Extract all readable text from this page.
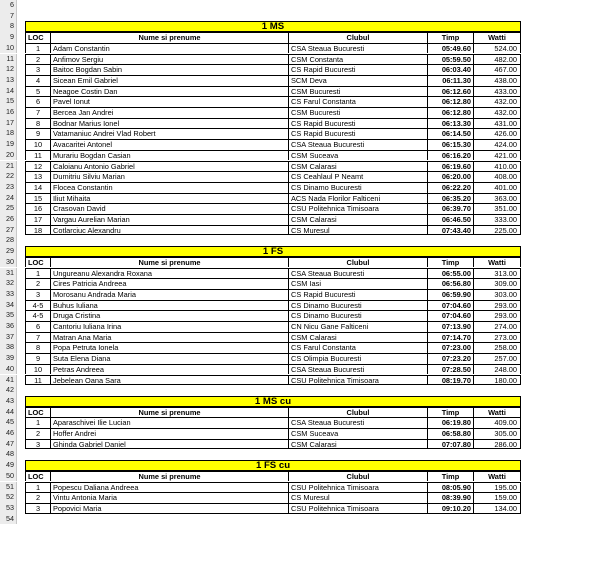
6
7
8	1 MS
9	LOC	Nume si prenume	Clubul	Timp	Watti
10	1	Adam Constantin	CSA Steaua Bucuresti	05:49.60	524.00
11	2	Anfimov Sergiu	CSM Constanta	05:59.50	482.00
12	3	Baitoc Bogdan Sabin	CS Rapid Bucuresti	06:03.40	467.00
13	4	Sicean Emil Gabriel	SCM Deva	06:11.30	438.00
14	5	Neagoe Costin Dan	CSM Bucuresti	06:12.60	433.00
15	6	Pavel Ionut	CS Farul Constanta	06:12.80	432.00
16	7	Bercea Jan Andrei	CSM Bucuresti	06:12.80	432.00
17	8	Bodnar Marius Ionel	CS Rapid Bucuresti	06:13.30	431.00
18	9	Vatamaniuc Andrei Vlad Robert	CS Rapid Bucuresti	06:14.50	426.00
19	10	Avacaritei Antonel	CSA Steaua Bucuresti	06:15.30	424.00
20	11	Murariu Bogdan Casian	CSM Suceava	06:16.20	421.00
21	12	Caloianu Antonio Gabriel	CSM Calarasi	06:19.60	410.00
22	13	Dumitriu Silviu Marian	CS Ceahlaul P Neamt	06:20.00	408.00
23	14	Flocea Constantin	CS Dinamo Bucuresti	06:22.20	401.00
24	15	Iliut Mihaita	ACS Nada Florilor Falticeni	06:35.20	363.00
25	16	Crasovan David	CSU Politehnica Timisoara	06:39.70	351.00
26	17	Vargau Aurelian Marian	CSM Calarasi	06:46.50	333.00
27	18	Cotlarciuc Alexandru	CS Muresul	07:43.40	225.00
28
29	1 FS
30	LOC	Nume si prenume	Clubul	Timp	Watti
31	1	Ungureanu Alexandra Roxana	CSA Steaua Bucuresti	06:55.00	313.00
32	2	Cires Patricia Andreea	CSM Iasi	06:56.80	309.00
33	3	Morosanu Andrada Maria	CS Rapid Bucuresti	06:59.90	303.00
34	4-5	Buhus Iuliana	CS Dinamo Bucuresti	07:04.60	293.00
35	4-5	Druga Cristina	CS Dinamo Bucuresti	07:04.60	293.00
36	6	Cantoriu Iuliana Irina	CN Nicu Gane Falticeni	07:13.90	274.00
37	7	Matran Ana Maria	CSM Calarasi	07:14.70	273.00
38	8	Popa Petruta Ionela	CS Farul Constanta	07:23.00	258.00
39	9	Suta Elena Diana	CS Olimpia Bucuresti	07:23.20	257.00
40	10	Petras Andreea	CSA Steaua Bucuresti	07:28.50	248.00
41	11	Jebelean Oana Sara	CSU Politehnica Timisoara	08:19.70	180.00
42
43	1 MS cu
44	LOC	Nume si prenume	Clubul	Timp	Watti
45	1	Aparaschivei Ilie Lucian	CSA Steaua Bucuresti	06:19.80	409.00
46	2	Hoffer Andrei	CSM Suceava	06:58.80	305.00
47	3	Ghinda Gabriel Daniel	CSM Calarasi	07:07.80	286.00
48
49	1 FS cu
50	LOC	Nume si prenume	Clubul	Timp	Watti
51	1	Popescu Daliana Andreea	CSU Politehnica Timisoara	08:05.90	195.00
52	2	Vintu Antonia Maria	CS Muresul	08:39.90	159.00
53	3	Popovici Maria	CSU Politehnica Timisoara	09:10.20	134.00
54
